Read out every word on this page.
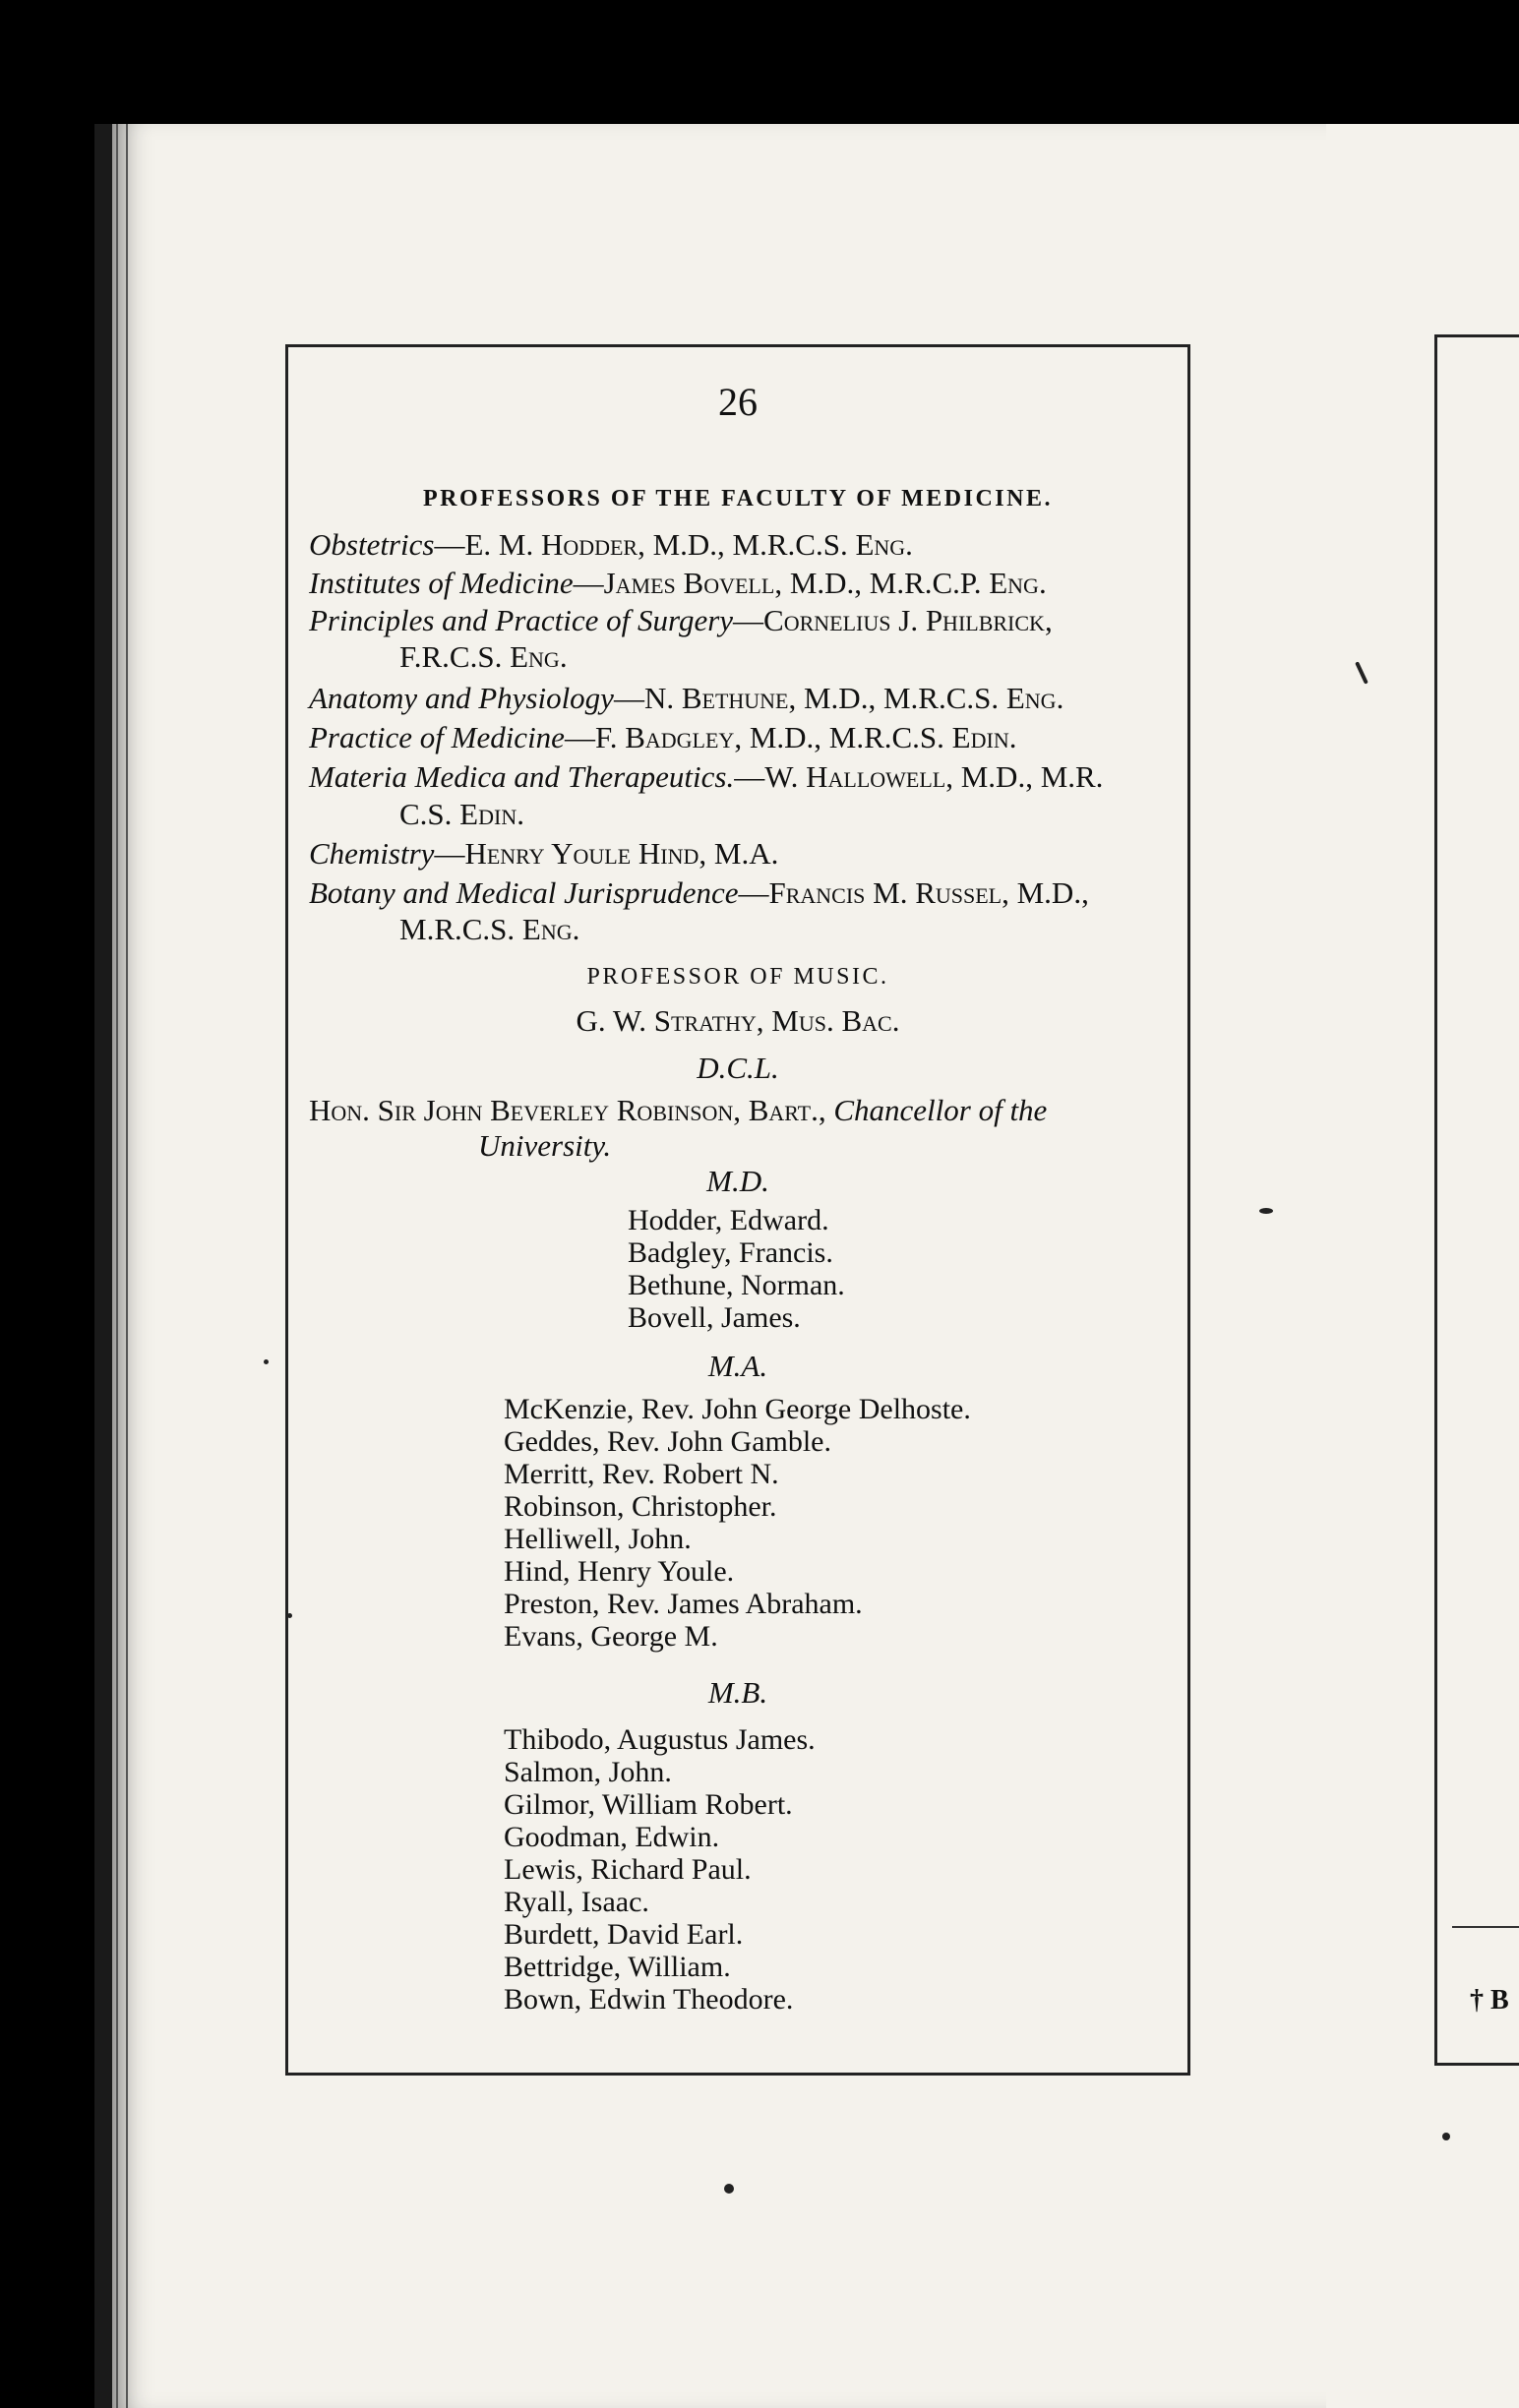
26
PROFESSORS OF THE FACULTY OF MEDICINE.
Obstetrics—E. M. Hodder, M.D., M.R.C.S. Eng.
Institutes of Medicine—James Bovell, M.D., M.R.C.P. Eng.
Principles and Practice of Surgery—Cornelius J. Philbrick,
F.R.C.S. Eng.
Anatomy and Physiology—N. Bethune, M.D., M.R.C.S. Eng.
Practice of Medicine—F. Badgley, M.D., M.R.C.S. Edin.
Materia Medica and Therapeutics.—W. Hallowell, M.D., M.R.
C.S. Edin.
Chemistry—Henry Youle Hind, M.A.
Botany and Medical Jurisprudence—Francis M. Russel, M.D.,
M.R.C.S. Eng.
PROFESSOR OF MUSIC.
G. W. Strathy, Mus. Bac.
D.C.L.
Hon. Sir John Beverley Robinson, Bart., Chancellor of the
University.
M.D.
Hodder, Edward.
Badgley, Francis.
Bethune, Norman.
Bovell, James.
M.A.
McKenzie, Rev. John George Delhoste.
Geddes, Rev. John Gamble.
Merritt, Rev. Robert N.
Robinson, Christopher.
Helliwell, John.
Hind, Henry Youle.
Preston, Rev. James Abraham.
Evans, George M.
M.B.
Thibodo, Augustus James.
Salmon, John.
Gilmor, William Robert.
Goodman, Edwin.
Lewis, Richard Paul.
Ryall, Isaac.
Burdett, David Earl.
Bettridge, William.
Bown, Edwin Theodore.	† B
